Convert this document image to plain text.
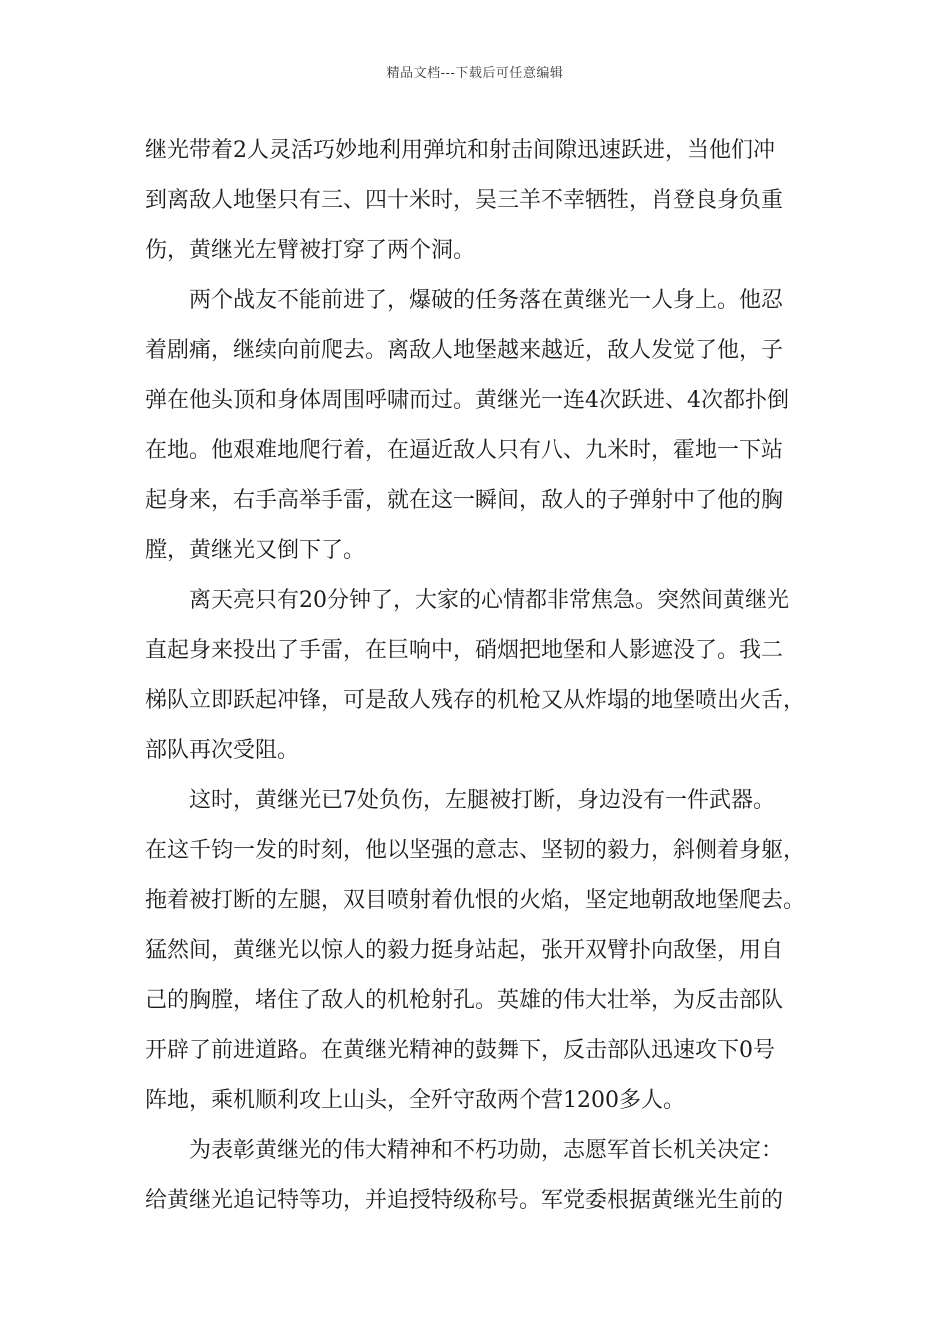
精品文档---下载后可任意编辑
继光带着2人灵活巧妙地利用弹坑和射击间隙迅速跃进，当他们冲
到离敌人地堡只有三、四十米时，吴三羊不幸牺牲，肖登良身负重
伤，黄继光左臂被打穿了两个洞。
两个战友不能前进了，爆破的任务落在黄继光一人身上。他忍
着剧痛，继续向前爬去。离敌人地堡越来越近，敌人发觉了他，子
弹在他头顶和身体周围呼啸而过。黄继光一连4次跃进、4次都扑倒
在地。他艰难地爬行着，在逼近敌人只有八、九米时，霍地一下站
起身来，右手高举手雷，就在这一瞬间，敌人的子弹射中了他的胸
膛，黄继光又倒下了。
离天亮只有20分钟了，大家的心情都非常焦急。突然间黄继光
直起身来投出了手雷，在巨响中，硝烟把地堡和人影遮没了。我二
梯队立即跃起冲锋，可是敌人残存的机枪又从炸塌的地堡喷出火舌，
部队再次受阻。
这时，黄继光已7处负伤，左腿被打断，身边没有一件武器。
在这千钧一发的时刻，他以坚强的意志、坚韧的毅力，斜侧着身躯，
拖着被打断的左腿，双目喷射着仇恨的火焰，坚定地朝敌地堡爬去。
猛然间，黄继光以惊人的毅力挺身站起，张开双臂扑向敌堡，用自
己的胸膛，堵住了敌人的机枪射孔。英雄的伟大壮举，为反击部队
开辟了前进道路。在黄继光精神的鼓舞下，反击部队迅速攻下0号
阵地，乘机顺利攻上山头，全歼守敌两个营1200多人。
为表彰黄继光的伟大精神和不朽功勋，志愿军首长机关决定：
给黄继光追记特等功，并追授特级称号。军党委根据黄继光生前的
